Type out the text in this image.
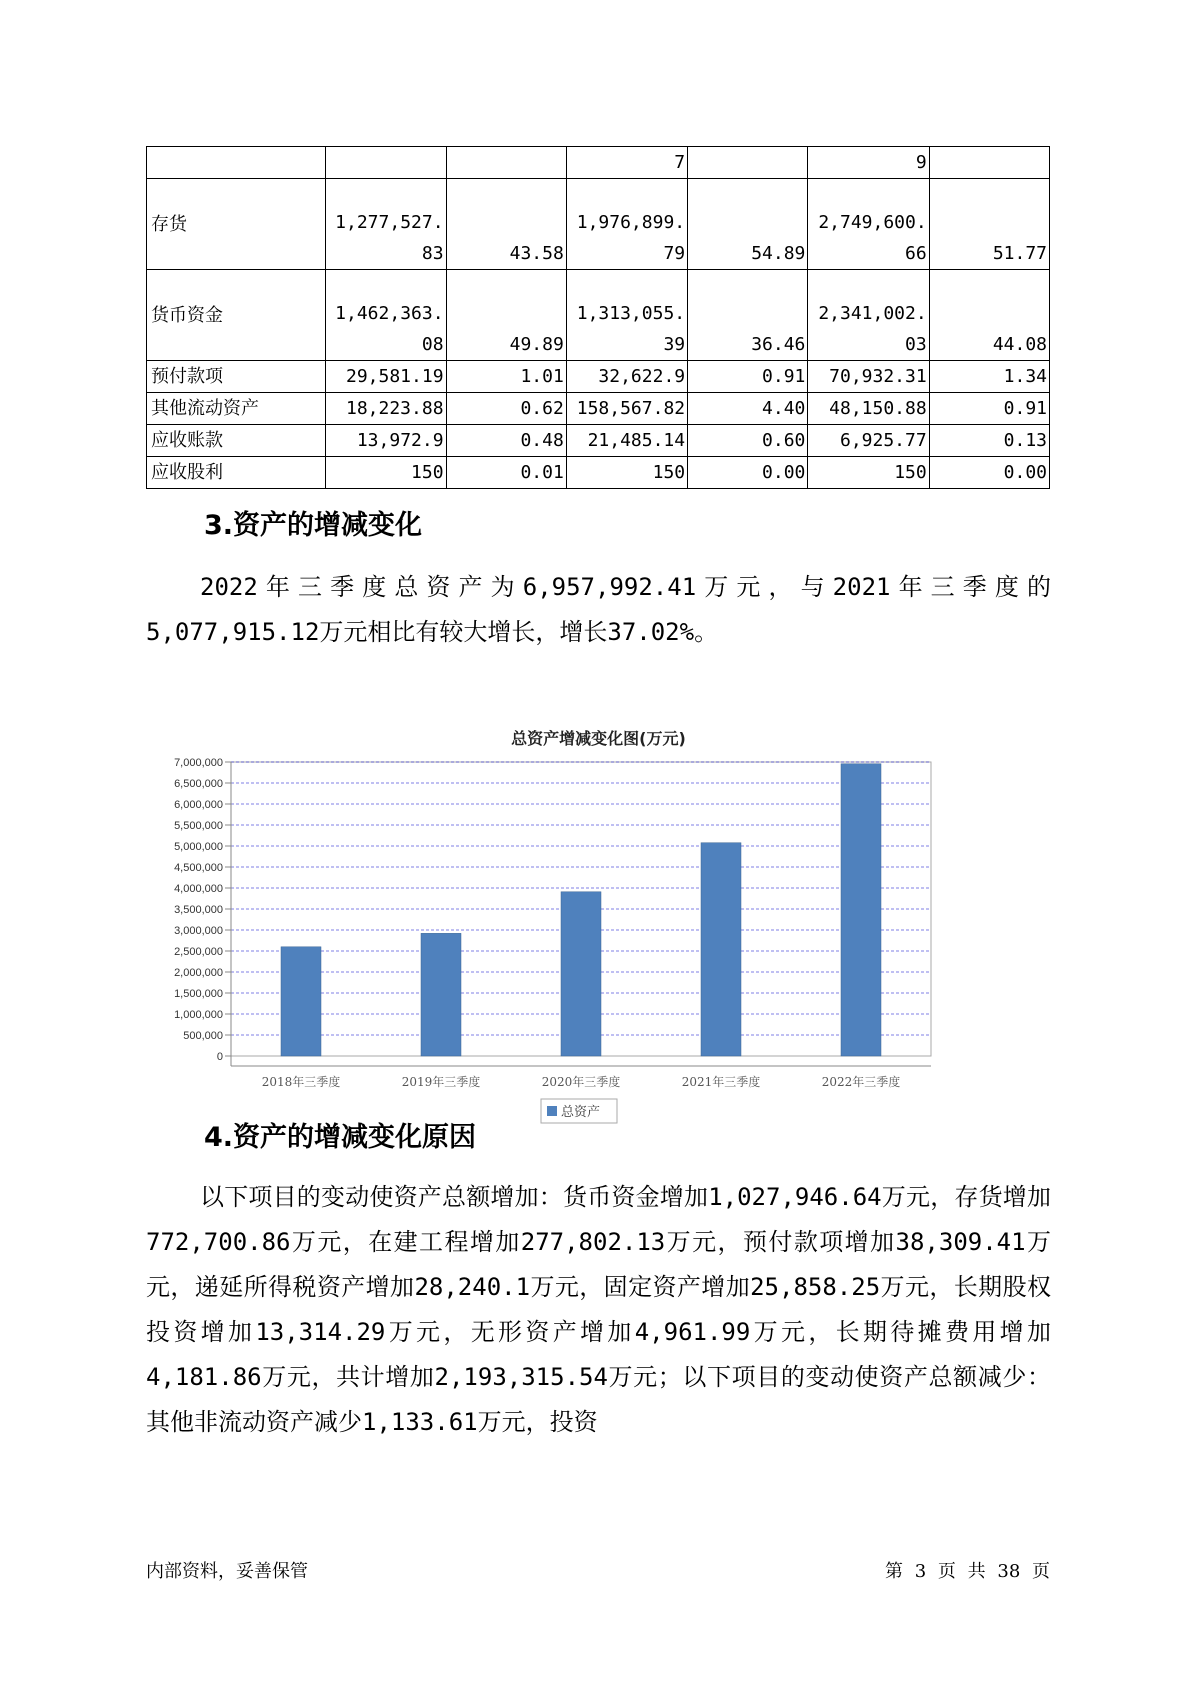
			7		9	
存货	1,277,527.83	43.58	1,976,899.79	54.89	2,749,600.66	51.77
货币资金	1,462,363.08	49.89	1,313,055.39	36.46	2,341,002.03	44.08
预付款项	29,581.19	1.01	32,622.9	0.91	70,932.31	1.34
其他流动资产	18,223.88	0.62	158,567.82	4.40	48,150.88	0.91
应收账款	13,972.9	0.48	21,485.14	0.60	6,925.77	0.13
应收股利	150	0.01	150	0.00	150	0.00
3.资产的增减变化

2022年三季度总资产为6,957,992.41万元，与2021年三季度的5,077,915.12万元相比有较大增长，增长37.02%。

总资产增减变化图(万元)
0
500,000
1,000,000
1,500,000
2,000,000
2,500,000
3,000,000
3,500,000
4,000,000
4,500,000
5,000,000
5,500,000
6,000,000
6,500,000
7,000,000
2018年三季度	2019年三季度	2020年三季度	2021年三季度	2022年三季度
总资产
4.资产的增减变化原因

以下项目的变动使资产总额增加：货币资金增加1,027,946.64万元，存货增加772,700.86万元，在建工程增加277,802.13万元，预付款项增加38,309.41万元，递延所得税资产增加28,240.1万元，固定资产增加25,858.25万元，长期股权投资增加13,314.29万元，无形资产增加4,961.99万元，长期待摊费用增加4,181.86万元，共计增加2,193,315.54万元；以下项目的变动使资产总额减少：其他非流动资产减少1,133.61万元，投资

内部资料，妥善保管	第 3 页 共 38 页
